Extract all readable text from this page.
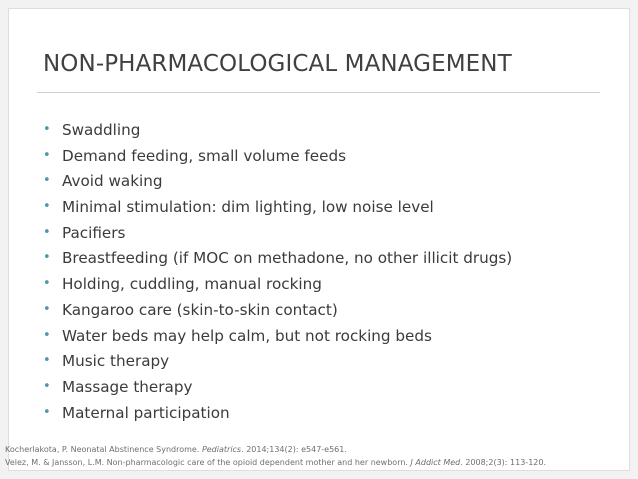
NON-PHARMACOLOGICAL MANAGEMENT
• Swaddling
• Demand feeding, small volume feeds
• Avoid waking
• Minimal stimulation: dim lighting, low noise level
• Pacifiers
• Breastfeeding (if MOC on methadone, no other illicit drugs)
• Holding, cuddling, manual rocking
• Kangaroo care (skin-to-skin contact)
• Water beds may help calm, but not rocking beds
• Music therapy
• Massage therapy
• Maternal participation
Kocherlakota, P. Neonatal Abstinence Syndrome. Pediatrics. 2014;134(2): e547-e561.
Velez, M. & Jansson, L.M. Non-pharmacologic care of the opioid dependent mother and her newborn. J Addict Med. 2008;2(3): 113-120.
